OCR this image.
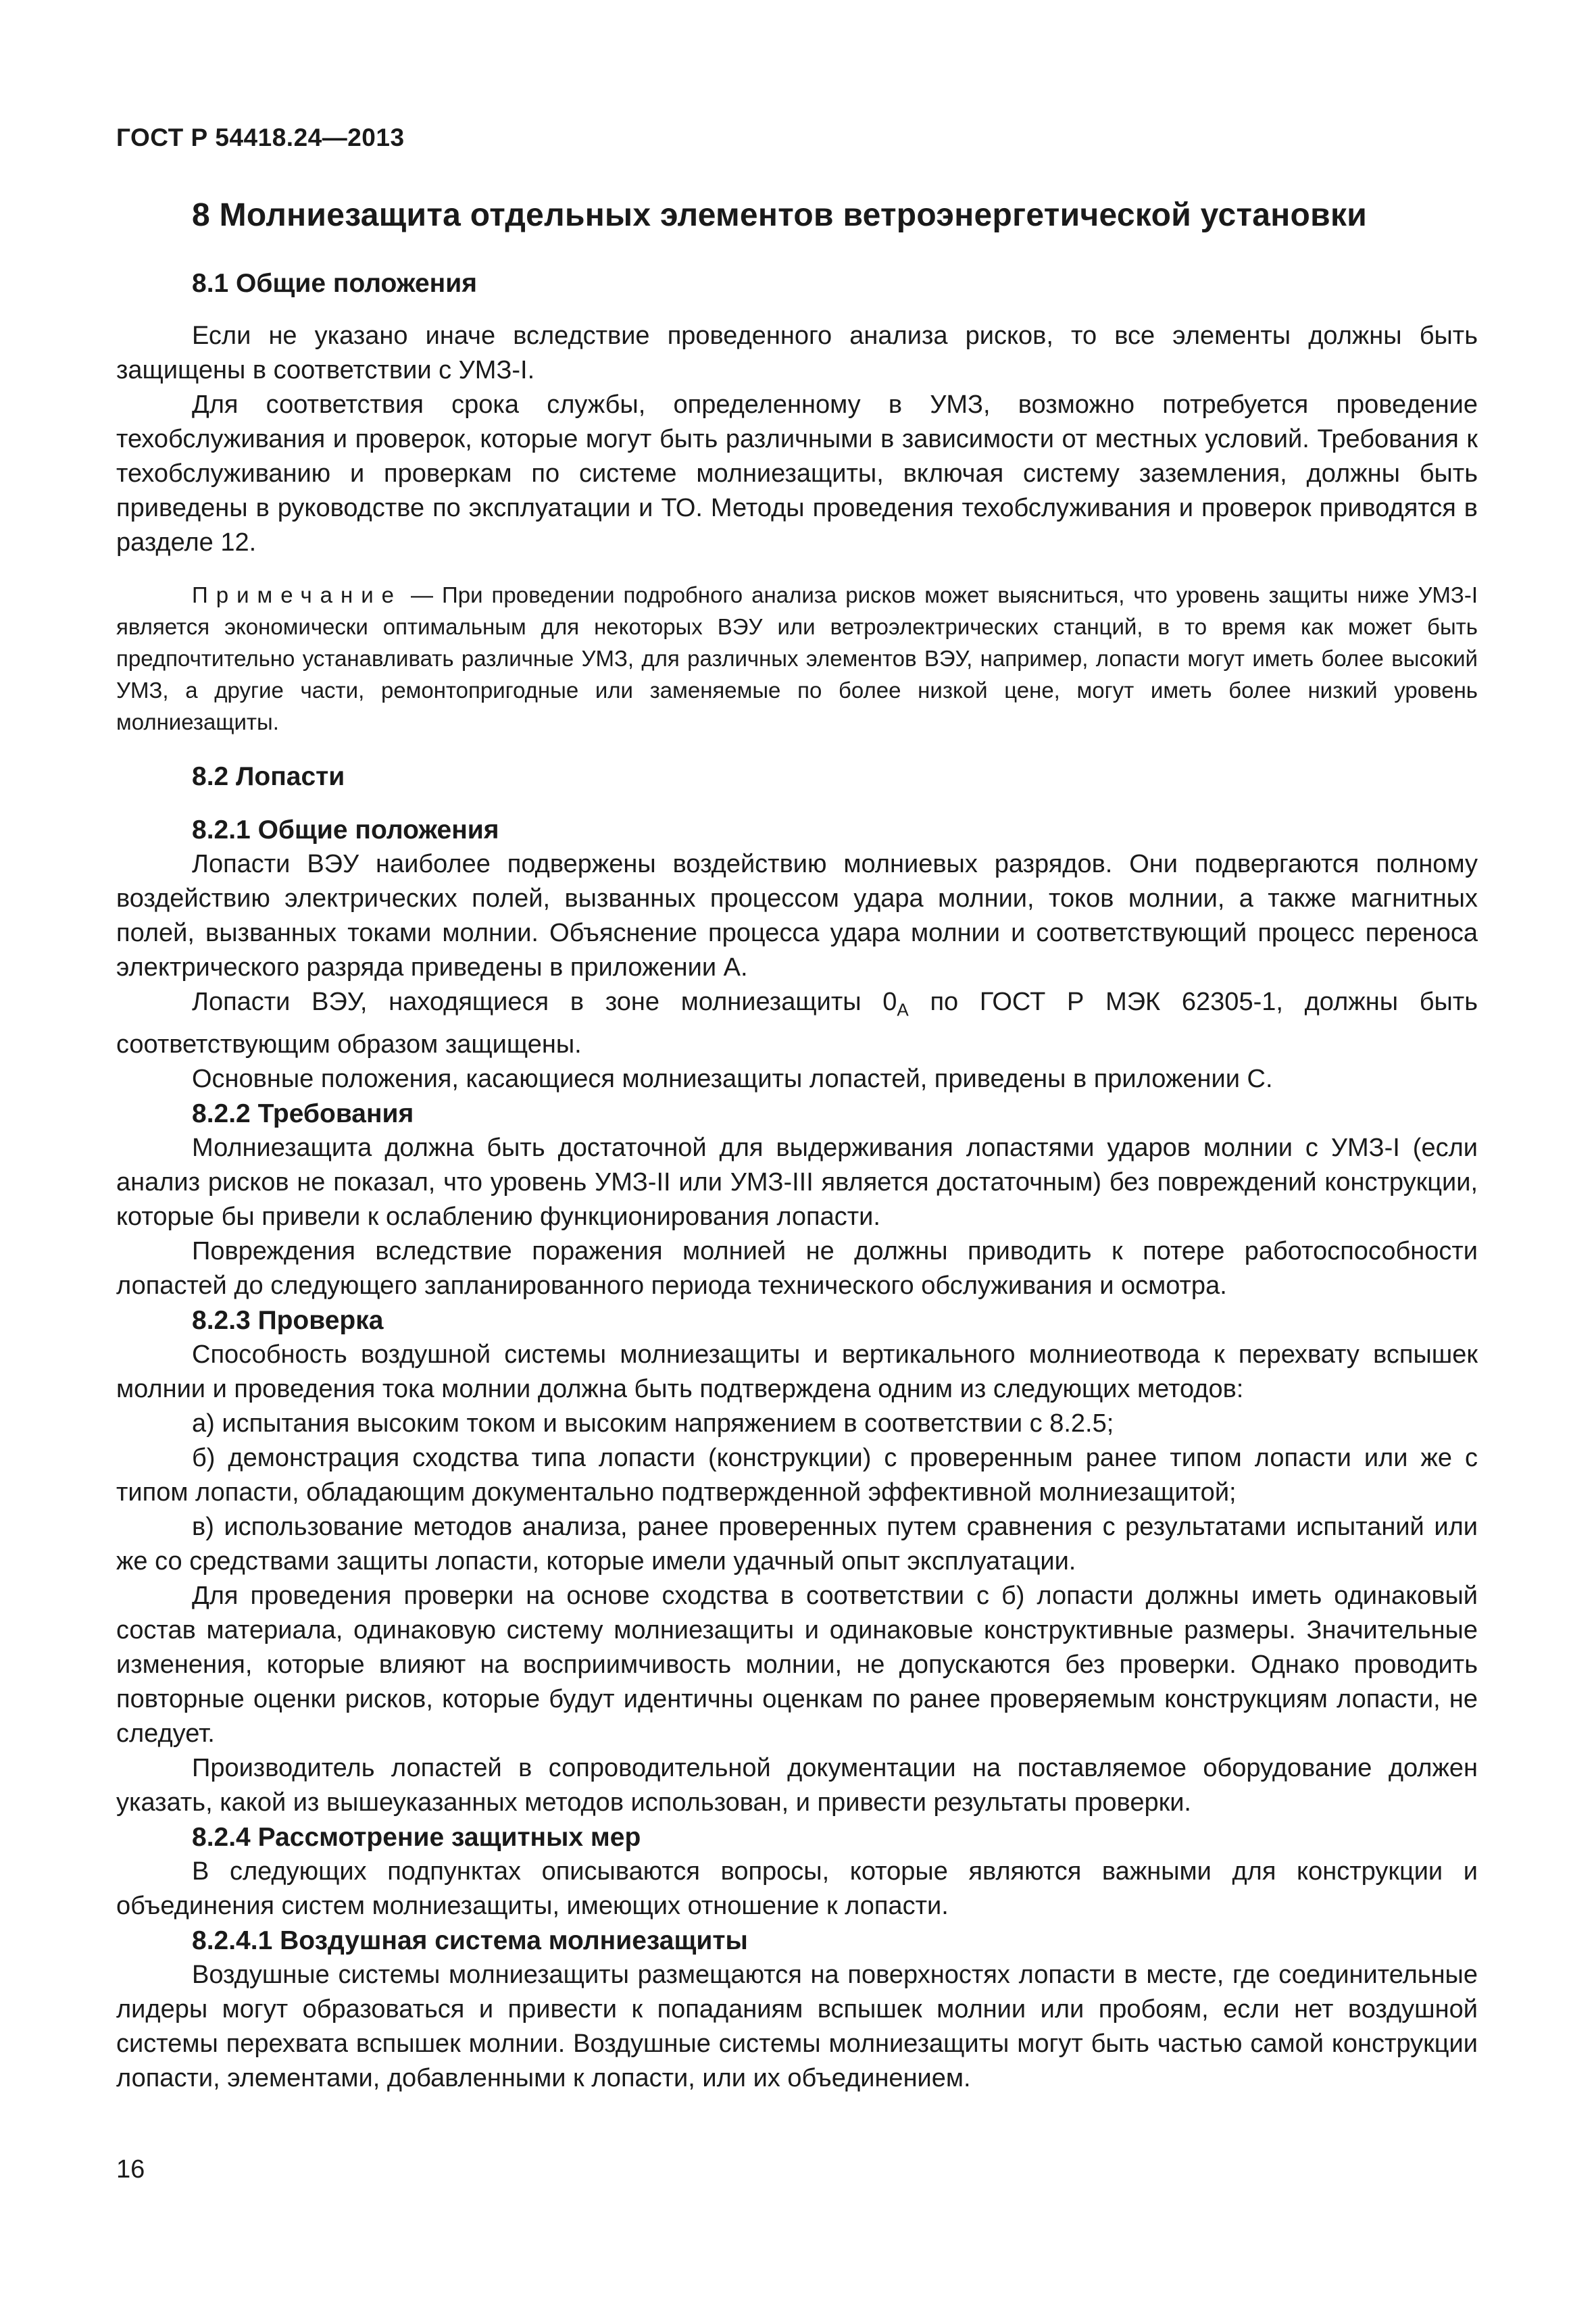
ГОСТ Р 54418.24—2013

8 Молниезащита отдельных элементов ветроэнергетической установки
8.1 Общие положения

Если не указано иначе вследствие проведенного анализа рисков, то все элементы должны быть защищены в соответствии с УМЗ-I.

Для соответствия срока службы, определенному в УМЗ, возможно потребуется проведение техобслуживания и проверок, которые могут быть различными в зависимости от местных условий. Требования к техобслуживанию и проверкам по системе молниезащиты, включая систему заземления, должны быть приведены в руководстве по эксплуатации и ТО. Методы проведения техобслуживания и проверок приводятся в разделе 12.

Примечание — При проведении подробного анализа рисков может выясниться, что уровень защиты ниже УМЗ-I является экономически оптимальным для некоторых ВЭУ или ветроэлектрических станций, в то время как может быть предпочтительно устанавливать различные УМЗ, для различных элементов ВЭУ, например, лопасти могут иметь более высокий УМЗ, а другие части, ремонтопригодные или заменяемые по более низкой цене, могут иметь более низкий уровень молниезащиты.

8.2 Лопасти
8.2.1 Общие положения

Лопасти ВЭУ наиболее подвержены воздействию молниевых разрядов. Они подвергаются полному воздействию электрических полей, вызванных процессом удара молнии, токов молнии, а также магнитных полей, вызванных токами молнии. Объяснение процесса удара молнии и соответствующий процесс переноса электрического разряда приведены в приложении А.

Лопасти ВЭУ, находящиеся в зоне молниезащиты $0_А$ по ГОСТ Р МЭК 62305-1, должны быть соответствующим образом защищены.

Основные положения, касающиеся молниезащиты лопастей, приведены в приложении С.

8.2.2 Требования

Молниезащита должна быть достаточной для выдерживания лопастями ударов молнии с УМЗ-I (если анализ рисков не показал, что уровень УМЗ-II или УМЗ-III является достаточным) без повреждений конструкции, которые бы привели к ослаблению функционирования лопасти.

Повреждения вследствие поражения молнией не должны приводить к потере работоспособности лопастей до следующего запланированного периода технического обслуживания и осмотра.

8.2.3 Проверка

Способность воздушной системы молниезащиты и вертикального молниеотвода к перехвату вспышек молнии и проведения тока молнии должна быть подтверждена одним из следующих методов:

а) испытания высоким током и высоким напряжением в соответствии с 8.2.5;

б) демонстрация сходства типа лопасти (конструкции) с проверенным ранее типом лопасти или же с типом лопасти, обладающим документально подтвержденной эффективной молниезащитой;

в) использование методов анализа, ранее проверенных путем сравнения с результатами испытаний или же со средствами защиты лопасти, которые имели удачный опыт эксплуатации.

Для проведения проверки на основе сходства в соответствии с б) лопасти должны иметь одинаковый состав материала, одинаковую систему молниезащиты и одинаковые конструктивные размеры. Значительные изменения, которые влияют на восприимчивость молнии, не допускаются без проверки. Однако проводить повторные оценки рисков, которые будут идентичны оценкам по ранее проверяемым конструкциям лопасти, не следует.

Производитель лопастей в сопроводительной документации на поставляемое оборудование должен указать, какой из вышеуказанных методов использован, и привести результаты проверки.

8.2.4 Рассмотрение защитных мер

В следующих подпунктах описываются вопросы, которые являются важными для конструкции и объединения систем молниезащиты, имеющих отношение к лопасти.

8.2.4.1 Воздушная система молниезащиты

Воздушные системы молниезащиты размещаются на поверхностях лопасти в месте, где соединительные лидеры могут образоваться и привести к попаданиям вспышек молнии или пробоям, если нет воздушной системы перехвата вспышек молнии. Воздушные системы молниезащиты могут быть частью самой конструкции лопасти, элементами, добавленными к лопасти, или их объединением.

16
